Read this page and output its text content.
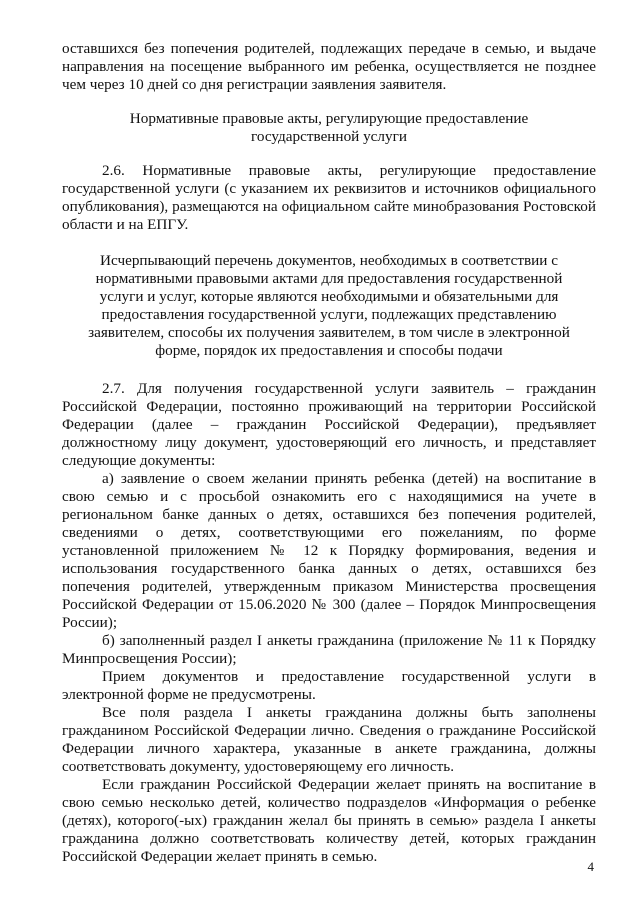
оставшихся без попечения родителей, подлежащих передаче в семью, и выдаче направления на посещение выбранного им ребенка, осуществляется не позднее чем через 10 дней со дня регистрации заявления заявителя.

Нормативные правовые акты, регулирующие предоставление государственной услуги

2.6. Нормативные правовые акты, регулирующие предоставление государственной услуги (с указанием их реквизитов и источников официального опубликования), размещаются на официальном сайте минобразования Ростовской области и на ЕПГУ.

Исчерпывающий перечень документов, необходимых в соответствии с нормативными правовыми актами для предоставления государственной услуги и услуг, которые являются необходимыми и обязательными для предоставления государственной услуги, подлежащих представлению заявителем, способы их получения заявителем, в том числе в электронной форме, порядок их предоставления и способы подачи

2.7. Для получения государственной услуги заявитель – гражданин Российской Федерации, постоянно проживающий на территории Российской Федерации (далее – гражданин Российской Федерации), предъявляет должностному лицу документ, удостоверяющий его личность, и представляет следующие документы:

а) заявление о своем желании принять ребенка (детей) на воспитание в свою семью и с просьбой ознакомить его с находящимися на учете в региональном банке данных о детях, оставшихся без попечения родителей, сведениями о детях, соответствующими его пожеланиям, по форме установленной приложением № 12 к Порядку формирования, ведения и использования государственного банка данных о детях, оставшихся без попечения родителей, утвержденным приказом Министерства просвещения Российской Федерации от 15.06.2020 № 300 (далее – Порядок Минпросвещения России);

б) заполненный раздел I анкеты гражданина (приложение № 11 к Порядку Минпросвещения России);

Прием документов и предоставление государственной услуги в электронной форме не предусмотрены.

Все поля раздела I анкеты гражданина должны быть заполнены гражданином Российской Федерации лично. Сведения о гражданине Российской Федерации личного характера, указанные в анкете гражданина, должны соответствовать документу, удостоверяющему его личность.

Если гражданин Российской Федерации желает принять на воспитание в свою семью несколько детей, количество подразделов «Информация о ребенке (детях), которого(-ых) гражданин желал бы принять в семью» раздела I анкеты гражданина должно соответствовать количеству детей, которых гражданин Российской Федерации желает принять в семью.

4
